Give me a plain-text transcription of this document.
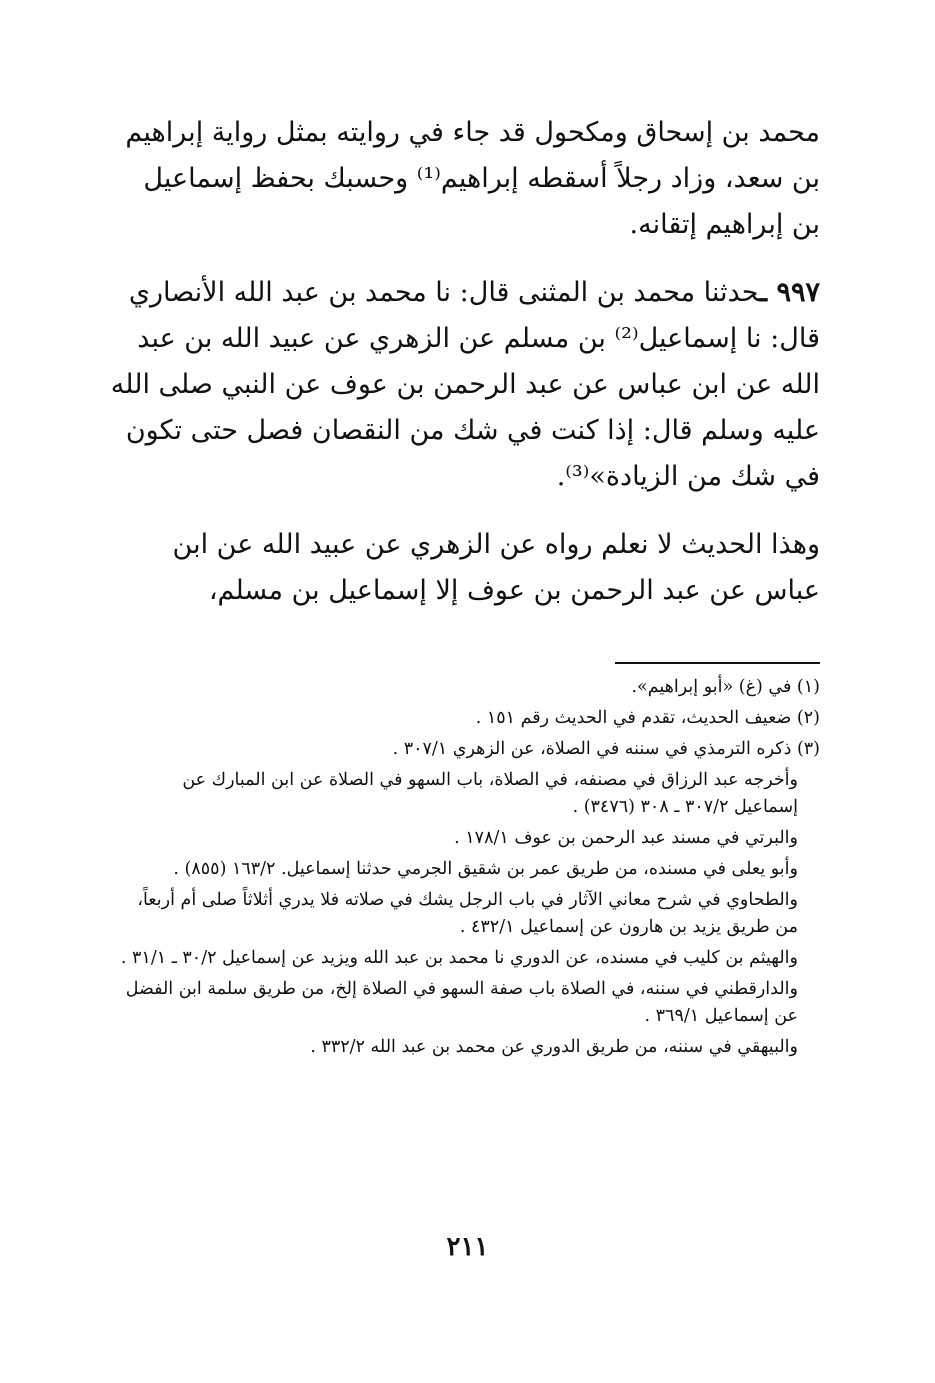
محمد بن إسحاق ومكحول قد جاء في روايته بمثل رواية إبراهيم بن سعد، وزاد رجلاً أسقطه إبراهيم⁽¹⁾ وحسبك بحفظ إسماعيل بن إبراهيم إتقانه.

٩٩٧ ـحدثنا محمد بن المثنى قال: نا محمد بن عبد الله الأنصاري قال: نا إسماعيل⁽²⁾ بن مسلم عن الزهري عن عبيد الله بن عبد الله عن ابن عباس عن عبد الرحمن بن عوف عن النبي صلى الله عليه وسلم قال: إذا كنت في شك من النقصان فصل حتى تكون في شك من الزيادة»⁽³⁾.

وهذا الحديث لا نعلم رواه عن الزهري عن عبيد الله عن ابن عباس عن عبد الرحمن بن عوف إلا إسماعيل بن مسلم،

(١) في (غ) «أبو إبراهيم».

(٢) ضعيف الحديث، تقدم في الحديث رقم ١٥١ .

(٣) ذكره الترمذي في سننه في الصلاة، عن الزهري ٣٠٧/١ .

وأخرجه عبد الرزاق في مصنفه، في الصلاة، باب السهو في الصلاة عن ابن المبارك عن إسماعيل ٣٠٧/٢ ـ ٣٠٨ (٣٤٧٦) .

والبرتي في مسند عبد الرحمن بن عوف ١٧٨/١ .

وأبو يعلى في مسنده، من طريق عمر بن شقيق الجرمي حدثنا إسماعيل. ١٦٣/٢ (٨٥٥) .

والطحاوي في شرح معاني الآثار في باب الرجل يشك في صلاته فلا يدري أثلاثاً صلى أم أربعاً، من طريق يزيد بن هارون عن إسماعيل ٤٣٢/١ .

والهيثم بن كليب في مسنده، عن الدوري نا محمد بن عبد الله ويزيد عن إسماعيل ٣٠/٢ ـ ٣١/١ .

والدارقطني في سننه، في الصلاة باب صفة السهو في الصلاة إلخ، من طريق سلمة ابن الفضل عن إسماعيل ٣٦٩/١ .

والبيهقي في سننه، من طريق الدوري عن محمد بن عبد الله ٣٣٢/٢ .

٢١١
